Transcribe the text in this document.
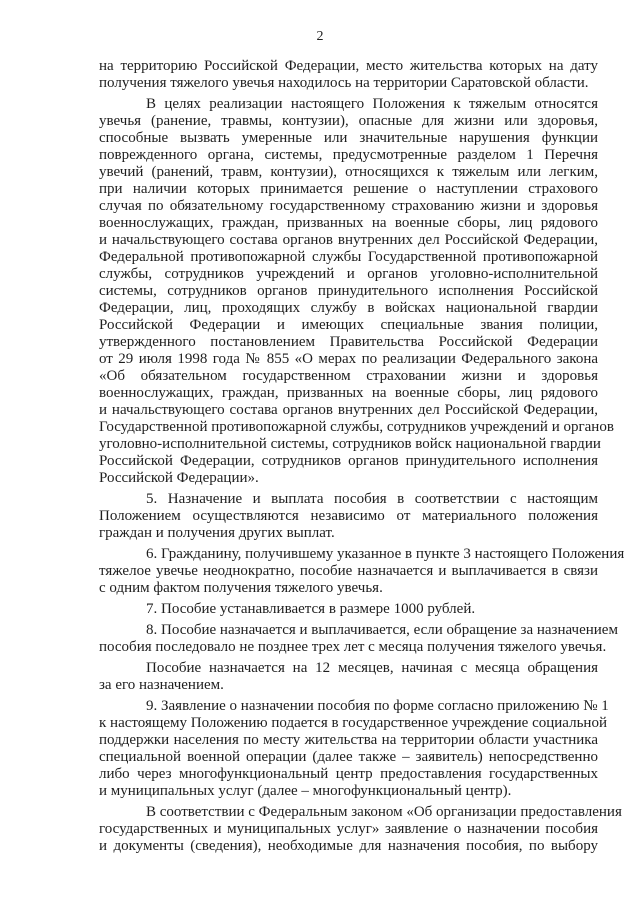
2
на территорию Российской Федерации, место жительства которых на дату
получения тяжелого увечья находилось на территории Саратовской области.
В целях реализации настоящего Положения к тяжелым относятся
увечья (ранение, травмы, контузии), опасные для жизни или здоровья,
способные вызвать умеренные или значительные нарушения функции
поврежденного органа, системы, предусмотренные разделом 1 Перечня
увечий (ранений, травм, контузии), относящихся к тяжелым или легким,
при наличии которых принимается решение о наступлении страхового
случая по обязательному государственному страхованию жизни и здоровья
военнослужащих, граждан, призванных на военные сборы, лиц рядового
и начальствующего состава органов внутренних дел Российской Федерации,
Федеральной противопожарной службы Государственной противопожарной
службы, сотрудников учреждений и органов уголовно-исполнительной
системы, сотрудников органов принудительного исполнения Российской
Федерации, лиц, проходящих службу в войсках национальной гвардии
Российской Федерации и имеющих специальные звания полиции,
утвержденного постановлением Правительства Российской Федерации
от 29 июля 1998 года № 855 «О мерах по реализации Федерального закона
«Об обязательном государственном страховании жизни и здоровья
военнослужащих, граждан, призванных на военные сборы, лиц рядового
и начальствующего состава органов внутренних дел Российской Федерации,
Государственной противопожарной службы, сотрудников учреждений и органов
уголовно-исполнительной системы, сотрудников войск национальной гвардии
Российской Федерации, сотрудников органов принудительного исполнения
Российской Федерации».
5. Назначение и выплата пособия в соответствии с настоящим
Положением осуществляются независимо от материального положения
граждан и получения других выплат.
6. Гражданину, получившему указанное в пункте 3 настоящего Положения
тяжелое увечье неоднократно, пособие назначается и выплачивается в связи
с одним фактом получения тяжелого увечья.
7. Пособие устанавливается в размере 1000 рублей.
8. Пособие назначается и выплачивается, если обращение за назначением
пособия последовало не позднее трех лет с месяца получения тяжелого увечья.
Пособие назначается на 12 месяцев, начиная с месяца обращения
за его назначением.
9. Заявление о назначении пособия по форме согласно приложению № 1
к настоящему Положению подается в государственное учреждение социальной
поддержки населения по месту жительства на территории области участника
специальной военной операции (далее также – заявитель) непосредственно
либо через многофункциональный центр предоставления государственных
и муниципальных услуг (далее – многофункциональный центр).
В соответствии с Федеральным законом «Об организации предоставления
государственных и муниципальных услуг» заявление о назначении пособия
и документы (сведения), необходимые для назначения пособия, по выбору
